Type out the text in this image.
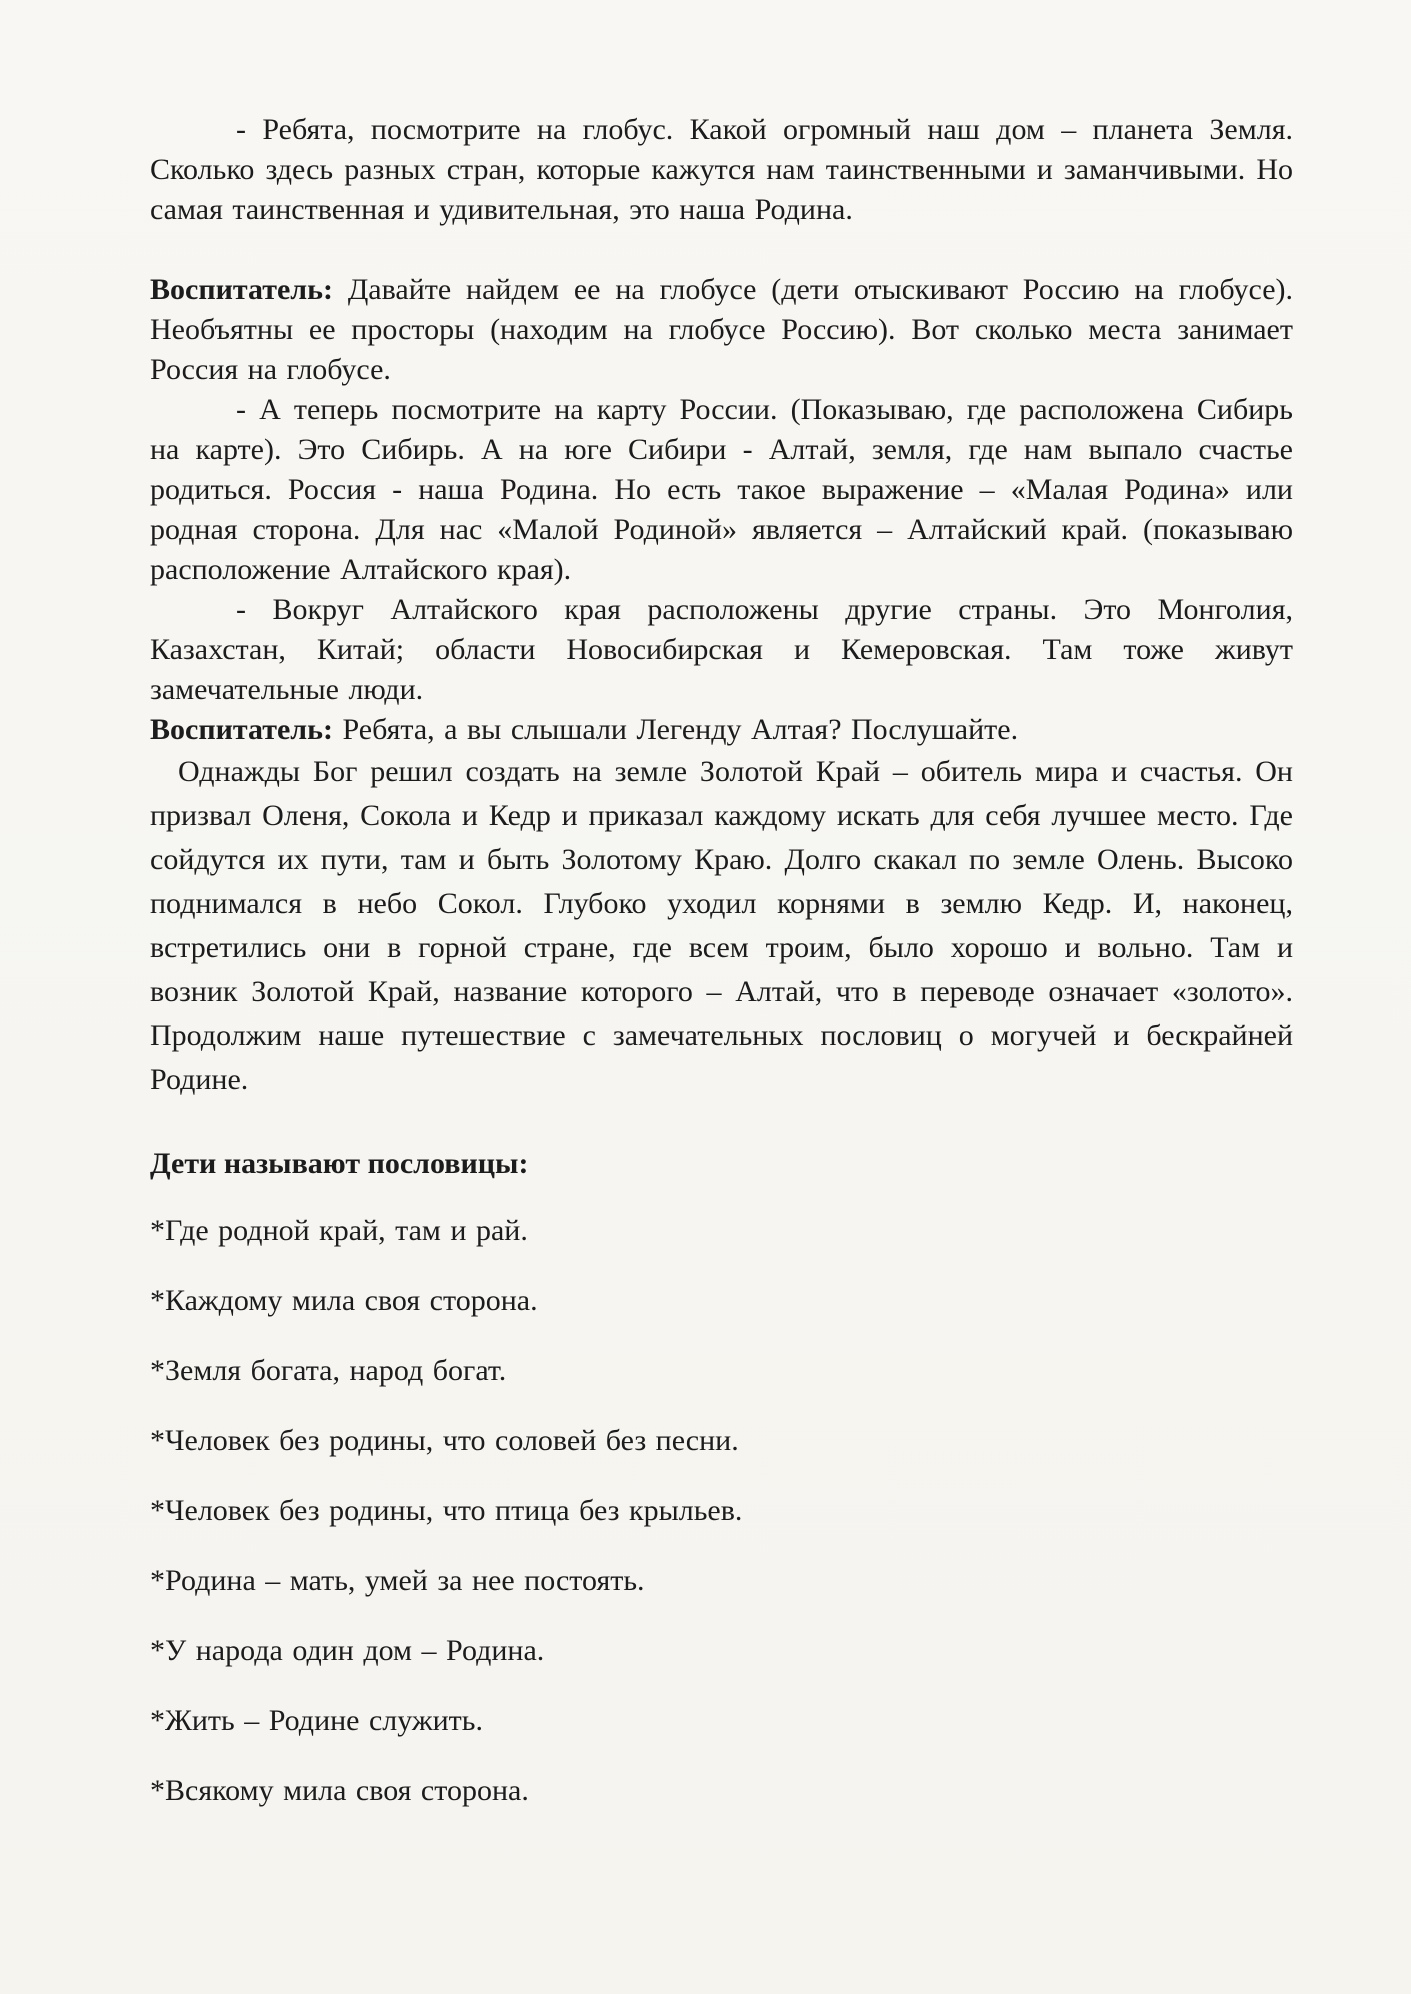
- Ребята, посмотрите на глобус. Какой огромный наш дом – планета Земля. Сколько здесь разных стран, которые кажутся нам таинственными и заманчивыми. Но самая таинственная и удивительная, это наша Родина.

Воспитатель: Давайте найдем ее на глобусе (дети отыскивают Россию на глобусе). Необъятны ее просторы (находим на глобусе Россию). Вот сколько места занимает Россия на глобусе.

- А теперь посмотрите на карту России. (Показываю, где расположена Сибирь на карте). Это Сибирь. А на юге Сибири - Алтай, земля, где нам выпало счастье родиться. Россия - наша Родина. Но есть такое выражение – «Малая Родина» или родная сторона. Для нас «Малой Родиной» является – Алтайский край. (показываю расположение Алтайского края).

- Вокруг Алтайского края расположены другие страны. Это Монголия, Казахстан, Китай; области Новосибирская и Кемеровская. Там тоже живут замечательные люди.

Воспитатель: Ребята, а вы слышали Легенду Алтая? Послушайте.

Однажды Бог решил создать на земле Золотой Край – обитель мира и счастья. Он призвал Оленя, Сокола и Кедр и приказал каждому искать для себя лучшее место. Где сойдутся их пути, там и быть Золотому Краю. Долго скакал по земле Олень. Высоко поднимался в небо Сокол. Глубоко уходил корнями в землю Кедр. И, наконец, встретились они в горной стране, где всем троим, было хорошо и вольно. Там и возник Золотой Край, название которого – Алтай, что в переводе означает «золото». Продолжим наше путешествие с замечательных пословиц о могучей и бескрайней Родине.

Дети называют пословицы:

*Где родной край, там и рай.

*Каждому мила своя сторона.

*Земля богата, народ богат.

*Человек без родины, что соловей без песни.

*Человек без родины, что птица без крыльев.

*Родина – мать, умей за нее постоять.

*У народа один дом – Родина.

*Жить – Родине служить.

*Всякому мила своя сторона.
